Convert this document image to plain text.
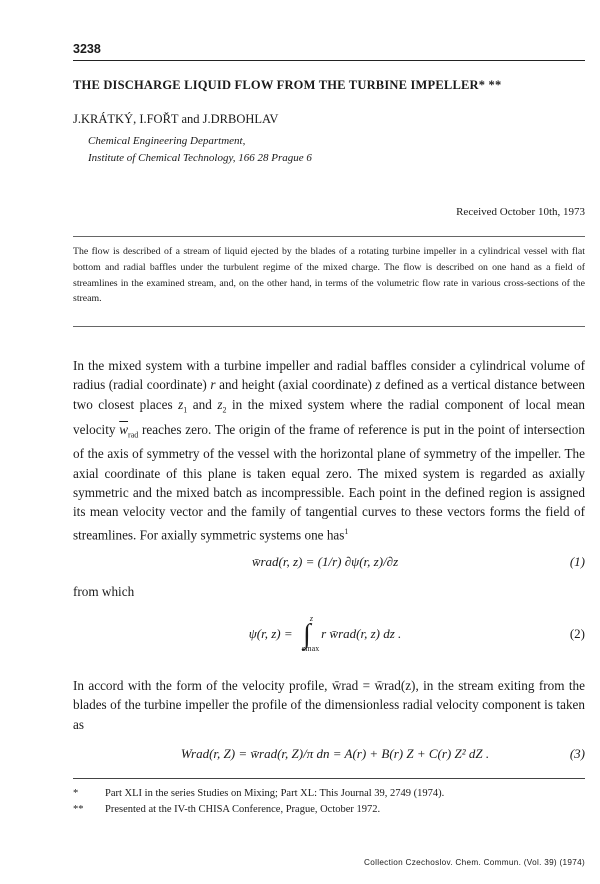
3238
THE DISCHARGE LIQUID FLOW FROM THE TURBINE IMPELLER* **
J.KRÁTKÝ, I.FOŘT and J.DRBOHLAV
Chemical Engineering Department,
Institute of Chemical Technology, 166 28 Prague 6
Received October 10th, 1973
The flow is described of a stream of liquid ejected by the blades of a rotating turbine impeller in a cylindrical vessel with flat bottom and radial baffles under the turbulent regime of the mixed charge. The flow is described on one hand as a field of streamlines in the examined stream, and, on the other hand, in terms of the volumetric flow rate in various cross-sections of the stream.
In the mixed system with a turbine impeller and radial baffles consider a cylindrical volume of radius (radial coordinate) r and height (axial coordinate) z defined as a vertical distance between two closest places $z_1$ and $z_2$ in the mixed system where the radial component of local mean velocity $\overline{w}_{rad}$ reaches zero. The origin of the frame of reference is put in the point of intersection of the axis of symmetry of the vessel with the horizontal plane of symmetry of the impeller. The axial coordinate of this plane is taken equal zero. The mixed system is regarded as axially symmetric and the mixed batch as incompressible. Each point in the defined region is assigned its mean velocity vector and the family of tangential curves to these vectors forms the field of streamlines. For axially symmetric systems one has$^1$
w̄rad(r, z) = (1/r) ∂ψ(r, z)/∂z	(1)
from which
ψ(r, z) = ∫
z
zmax
r w̄rad(r, z) dz .	(2)
In accord with the form of the velocity profile, w̄rad = w̄rad(z), in the stream exiting from the blades of the turbine impeller the profile of the dimensionless radial velocity component is taken as
Wrad(r, Z) = w̄rad(r, Z)/π dn = A(r) + B(r) Z + C(r) Z² dZ .	(3)
*	Part XLI in the series Studies on Mixing; Part XL: This Journal 39, 2749 (1974).
** Presented at the IV-th CHISA Conference, Prague, October 1972.
Collection Czechoslov. Chem. Commun. (Vol. 39) (1974)
